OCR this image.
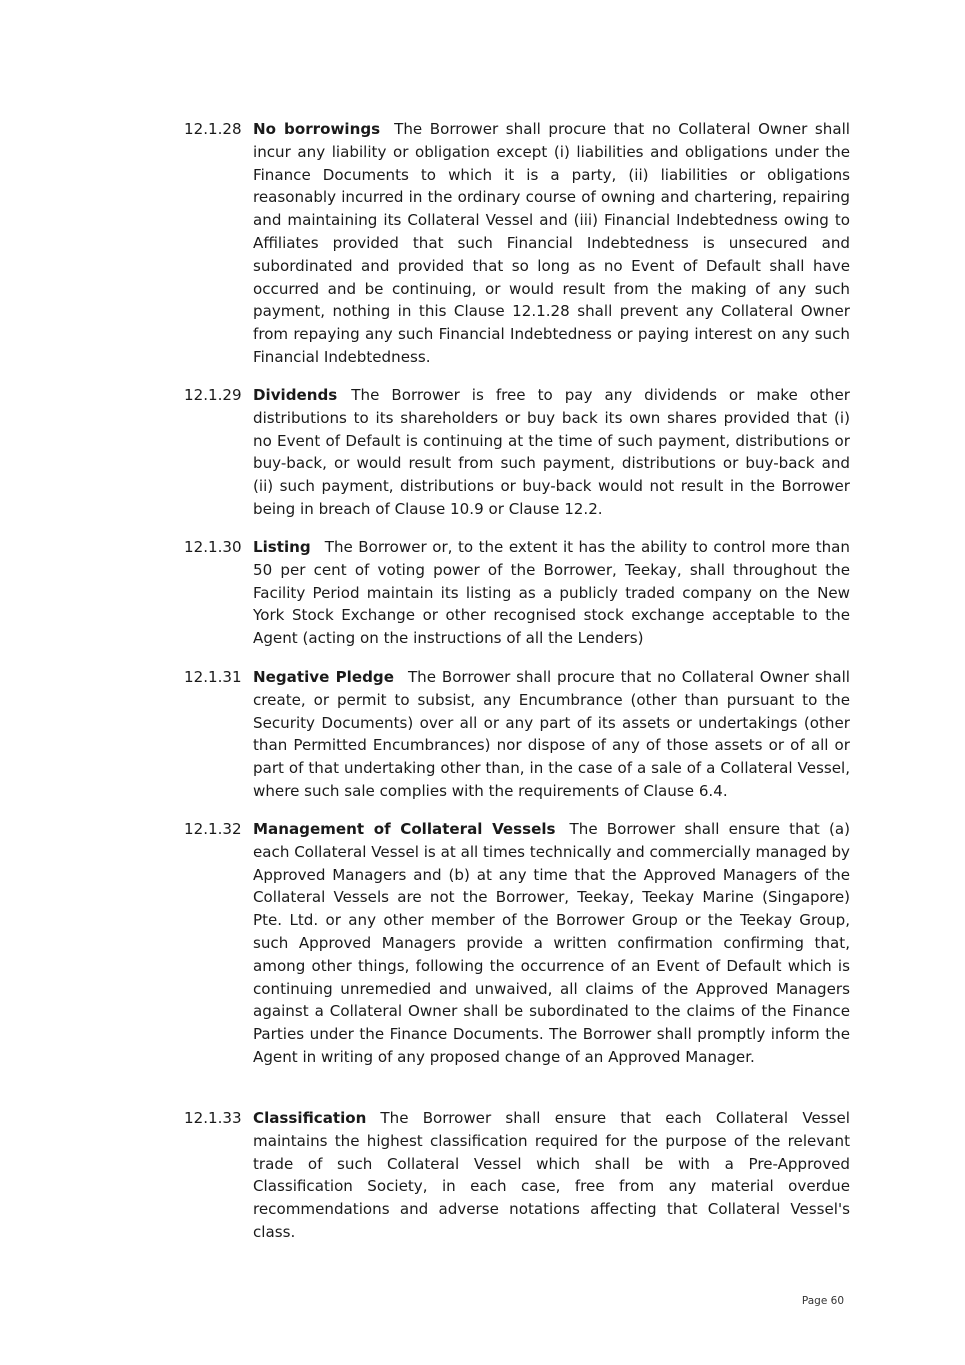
12.1.28 No borrowings The Borrower shall procure that no Collateral Owner shall incur any liability or obligation except (i) liabilities and obligations under the Finance Documents to which it is a party, (ii) liabilities or obligations reasonably incurred in the ordinary course of owning and chartering, repairing and maintaining its Collateral Vessel and (iii) Financial Indebtedness owing to Affiliates provided that such Financial Indebtedness is unsecured and subordinated and provided that so long as no Event of Default shall have occurred and be continuing, or would result from the making of any such payment, nothing in this Clause 12.1.28 shall prevent any Collateral Owner from repaying any such Financial Indebtedness or paying interest on any such Financial Indebtedness.
12.1.29 Dividends The Borrower is free to pay any dividends or make other distributions to its shareholders or buy back its own shares provided that (i) no Event of Default is continuing at the time of such payment, distributions or buy-back, or would result from such payment, distributions or buy-back and (ii) such payment, distributions or buy-back would not result in the Borrower being in breach of Clause 10.9 or Clause 12.2.
12.1.30 Listing The Borrower or, to the extent it has the ability to control more than 50 per cent of voting power of the Borrower, Teekay, shall throughout the Facility Period maintain its listing as a publicly traded company on the New York Stock Exchange or other recognised stock exchange acceptable to the Agent (acting on the instructions of all the Lenders)
12.1.31 Negative Pledge The Borrower shall procure that no Collateral Owner shall create, or permit to subsist, any Encumbrance (other than pursuant to the Security Documents) over all or any part of its assets or undertakings (other than Permitted Encumbrances) nor dispose of any of those assets or of all or part of that undertaking other than, in the case of a sale of a Collateral Vessel, where such sale complies with the requirements of Clause 6.4.
12.1.32 Management of Collateral Vessels The Borrower shall ensure that (a) each Collateral Vessel is at all times technically and commercially managed by Approved Managers and (b) at any time that the Approved Managers of the Collateral Vessels are not the Borrower, Teekay, Teekay Marine (Singapore) Pte. Ltd. or any other member of the Borrower Group or the Teekay Group, such Approved Managers provide a written confirmation confirming that, among other things, following the occurrence of an Event of Default which is continuing unremedied and unwaived, all claims of the Approved Managers against a Collateral Owner shall be subordinated to the claims of the Finance Parties under the Finance Documents. The Borrower shall promptly inform the Agent in writing of any proposed change of an Approved Manager.
12.1.33 Classification The Borrower shall ensure that each Collateral Vessel maintains the highest classification required for the purpose of the relevant trade of such Collateral Vessel which shall be with a Pre-Approved Classification Society, in each case, free from any material overdue recommendations and adverse notations affecting that Collateral Vessel's class.
Page 60
